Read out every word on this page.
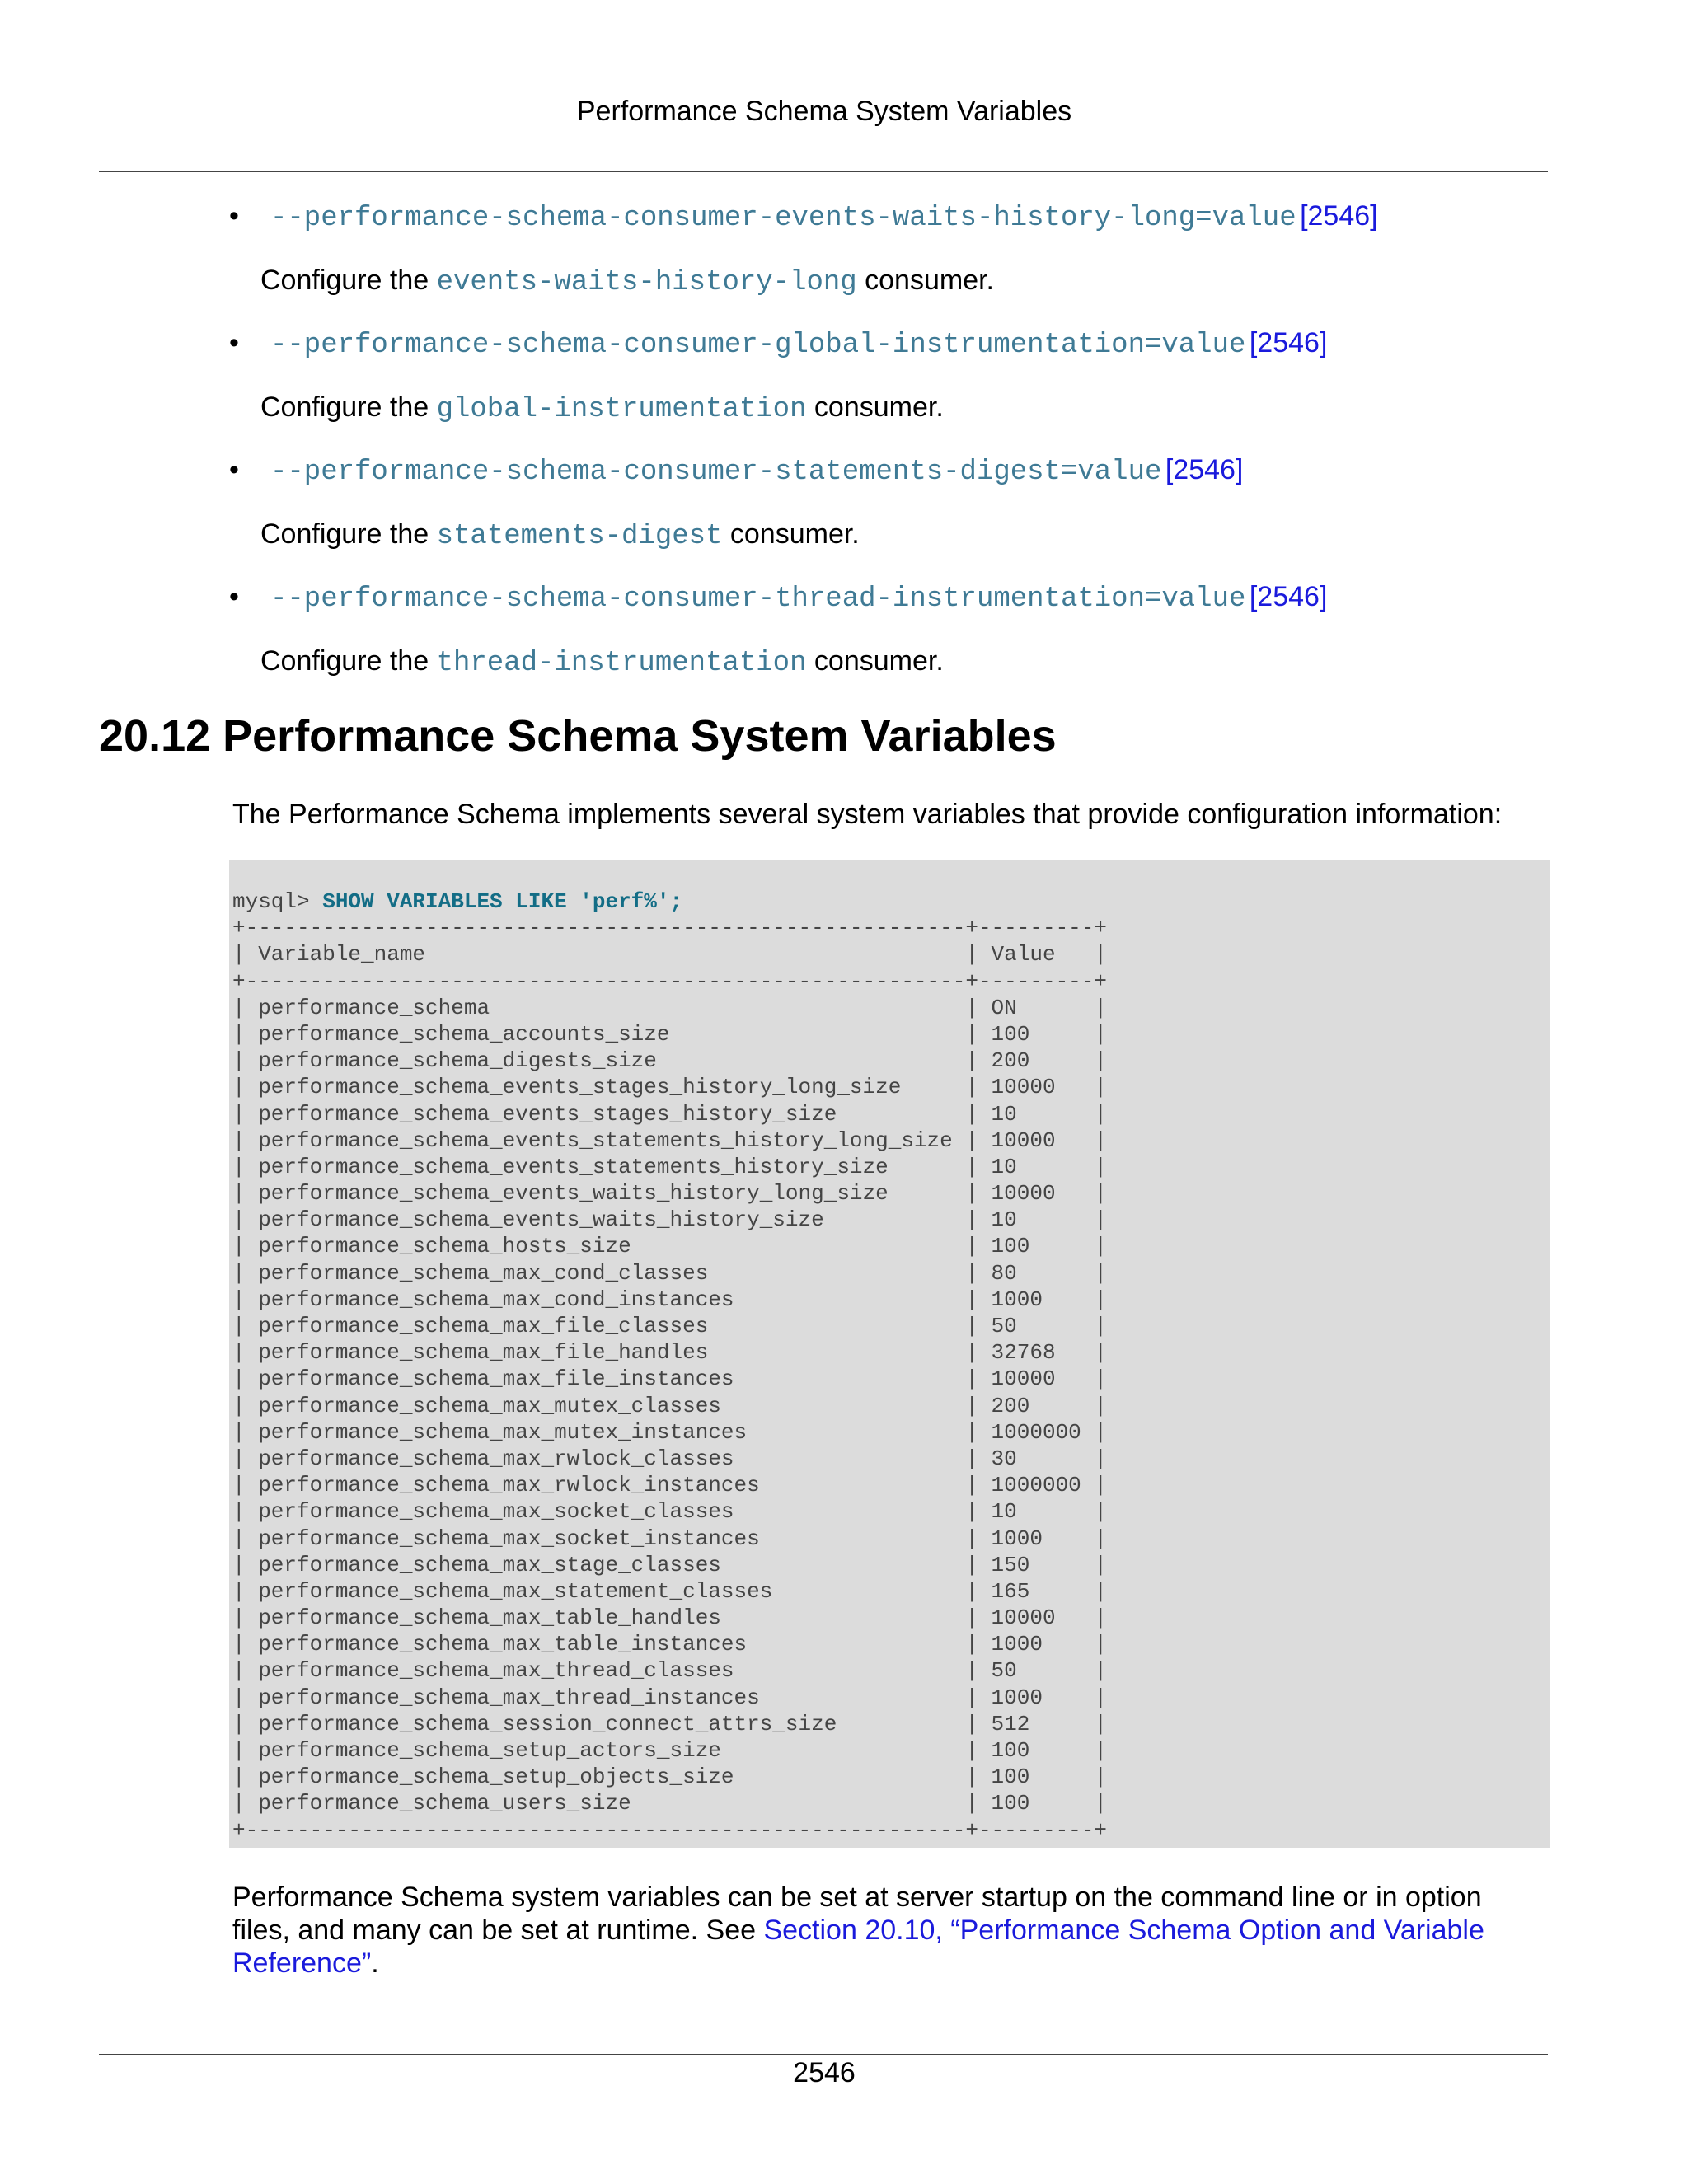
Performance Schema System Variables
• --performance-schema-consumer-events-waits-history-long=value [2546]
Configure the events-waits-history-long consumer.
• --performance-schema-consumer-global-instrumentation=value [2546]
Configure the global-instrumentation consumer.
• --performance-schema-consumer-statements-digest=value [2546]
Configure the statements-digest consumer.
• --performance-schema-consumer-thread-instrumentation=value [2546]
Configure the thread-instrumentation consumer.
20.12 Performance Schema System Variables

The Performance Schema implements several system variables that provide configuration information:

mysql> SHOW VARIABLES LIKE 'perf%';
+--------------------------------------------------------+---------+
| Variable_name                                          | Value   |
+--------------------------------------------------------+---------+
| performance_schema                                     | ON      |
| performance_schema_accounts_size                       | 100     |
| performance_schema_digests_size                        | 200     |
| performance_schema_events_stages_history_long_size     | 10000   |
| performance_schema_events_stages_history_size          | 10      |
| performance_schema_events_statements_history_long_size | 10000   |
| performance_schema_events_statements_history_size      | 10      |
| performance_schema_events_waits_history_long_size      | 10000   |
| performance_schema_events_waits_history_size           | 10      |
| performance_schema_hosts_size                          | 100     |
| performance_schema_max_cond_classes                    | 80      |
| performance_schema_max_cond_instances                  | 1000    |
| performance_schema_max_file_classes                    | 50      |
| performance_schema_max_file_handles                    | 32768   |
| performance_schema_max_file_instances                  | 10000   |
| performance_schema_max_mutex_classes                   | 200     |
| performance_schema_max_mutex_instances                 | 1000000 |
| performance_schema_max_rwlock_classes                  | 30      |
| performance_schema_max_rwlock_instances                | 1000000 |
| performance_schema_max_socket_classes                  | 10      |
| performance_schema_max_socket_instances                | 1000    |
| performance_schema_max_stage_classes                   | 150     |
| performance_schema_max_statement_classes               | 165     |
| performance_schema_max_table_handles                   | 10000   |
| performance_schema_max_table_instances                 | 1000    |
| performance_schema_max_thread_classes                  | 50      |
| performance_schema_max_thread_instances                | 1000    |
| performance_schema_session_connect_attrs_size          | 512     |
| performance_schema_setup_actors_size                   | 100     |
| performance_schema_setup_objects_size                  | 100     |
| performance_schema_users_size                          | 100     |
+--------------------------------------------------------+---------+

Performance Schema system variables can be set at server startup on the command line or in option files, and many can be set at runtime. See Section 20.10, “Performance Schema Option and Variable Reference”.

2546
